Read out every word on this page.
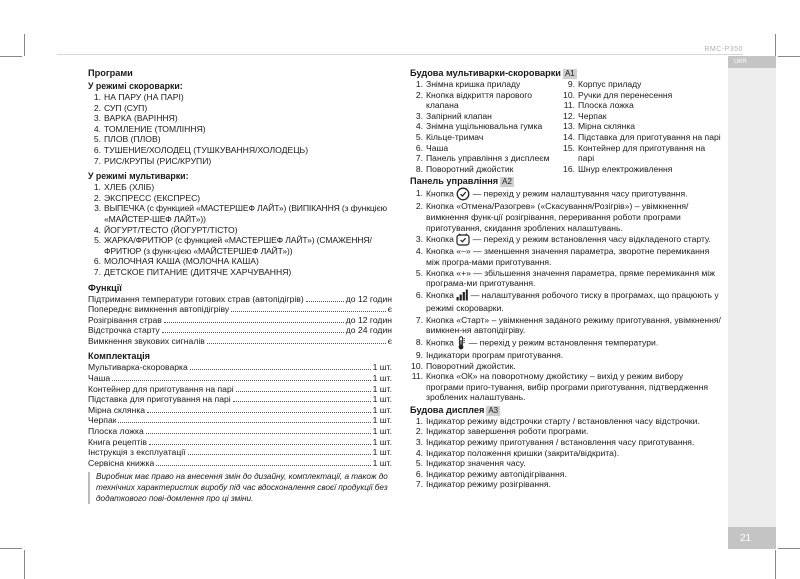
RMC-P350
UKR
21
Програми
У режимі скороварки:
1. НА ПАРУ (НА ПАРІ)
2. СУП (СУП)
3. ВАРКА (ВАРІННЯ)
4. ТОМЛЕНИЕ (ТОМЛІННЯ)
5. ПЛОВ (ПЛОВ)
6. ТУШЕНИЕ/ХОЛОДЕЦ (ТУШКУВАННЯ/ХОЛОДЕЦЬ)
7. РИС/КРУПЫ (РИС/КРУПИ)
У режимі мультиварки:
1. ХЛЕБ (ХЛІБ)
2. ЭКСПРЕСС (ЕКСПРЕС)
3. ВЫПЕЧКА (с функцией «МАСТЕРШЕФ ЛАЙТ») (ВИПІКАННЯ (з функцією «МАЙСТЕР-ШЕФ ЛАЙТ»))
4. ЙОГУРТ/ТЕСТО (ЙОГУРТ/ТІСТО)
5. ЖАРКА/ФРИТЮР (с функцией «МАСТЕРШЕФ ЛАЙТ») (СМАЖЕННЯ/ФРИТЮР (з функ-цією «МАЙСТЕРШЕФ ЛАЙТ»))
6. МОЛОЧНАЯ КАША (МОЛОЧНА КАША)
7. ДЕТСКОЕ ПИТАНИЕ (ДИТЯЧЕ ХАРЧУВАННЯ)
Функції
Підтримання температури готових страв (автопідігрів)	до 12 годин
Попереднє вимкнення автопідігріву	є
Розігрівання страв	до 12 годин
Відстрочка старту	до 24 годин
Вимкнення звукових сигналів	є
Комплектація
Мультиварка-скороварка	1 шт.
Чаша	1 шт.
Контейнер для приготування на парі	1 шт.
Підставка для приготування на парі	1 шт.
Мірна склянка	1 шт.
Черпак	1 шт.
Плоска ложка	1 шт.
Книга рецептів	1 шт.
Інструкція з експлуатації	1 шт.
Сервісна книжка	1 шт.
Виробник має право на внесення змін до дизайну, комплектації, а також до технічних характеристик виробу під час вдосконалення своєї продукції без додаткового пові-домлення про ці зміни.
Будова мультиварки-скороварки A1
1. Знімна кришка приладу
2. Кнопка відкриття парового клапана
3. Запірний клапан
4. Знімна ущільнювальна гумка
5. Кільце-тримач
6. Чаша
7. Панель управління з дисплеєм
8. Поворотний джойстик
9. Корпус приладу
10. Ручки для перенесення
11. Плоска ложка
12. Черпак
13. Мірна склянка
14. Підставка для приготування на парі
15. Контейнер для приготування на парі
16. Шнур електроживлення
Панель управління A2
1. Кнопка — перехід у режим налаштування часу приготування.
2. Кнопка «Отмена/Разогрев» («Скасування/Розігрів») – увімкнення/вимкнення функ-ції розігрівання, переривання роботи програми приготування, скидання зроблених налаштувань.
3. Кнопка — перехід у режим встановлення часу відкладеного старту.
4. Кнопка «–» — зменшення значення параметра, зворотне перемикання між програ-мами приготування.
5. Кнопка «+» — збільшення значення параметра, пряме перемикання між програма-ми приготування.
6. Кнопка — налаштування робочого тиску в програмах, що працюють у режимі скороварки.
7. Кнопка «Старт» – увімкнення заданого режиму приготування, увімкнення/вимкнен-ня автопідігріву.
8. Кнопка — перехід у режим встановлення температури.
9. Індикатори програм приготування.
10. Поворотний джойстик.
11. Кнопка «ОК» на поворотному джойстику – вихід у режим вибору програми приго-тування, вибір програми приготування, підтвердження зроблених налаштувань.
Будова дисплея A3
1. Індикатор режиму відстрочки старту / встановлення часу відстрочки.
2. Індикатор завершення роботи програми.
3. Індикатор режиму приготування / встановлення часу приготування.
4. Індикатор положення кришки (закрита/відкрита).
5. Індикатор значення часу.
6. Індикатор режиму автопідігрівання.
7. Індикатор режиму розігрівання.
